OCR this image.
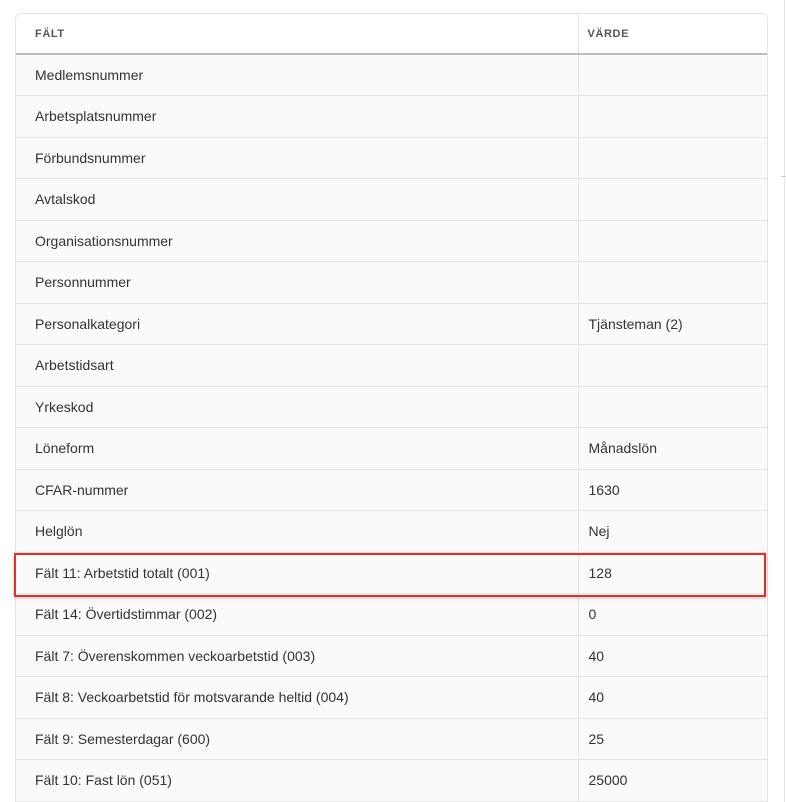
FÄLT	VÄRDE
Medlemsnummer	
Arbetsplatsnummer	
Förbundsnummer	
Avtalskod	
Organisationsnummer	
Personnummer	
Personalkategori	Tjänsteman (2)
Arbetstidsart	
Yrkeskod	
Löneform	Månadslön
CFAR-nummer	1630
Helglön	Nej
Fält 11: Arbetstid totalt (001)	128
Fält 14: Övertidstimmar (002)	0
Fält 7: Överenskommen veckoarbetstid (003)	40
Fält 8: Veckoarbetstid för motsvarande heltid (004)	40
Fält 9: Semesterdagar (600)	25
Fält 10: Fast lön (051)	25000
